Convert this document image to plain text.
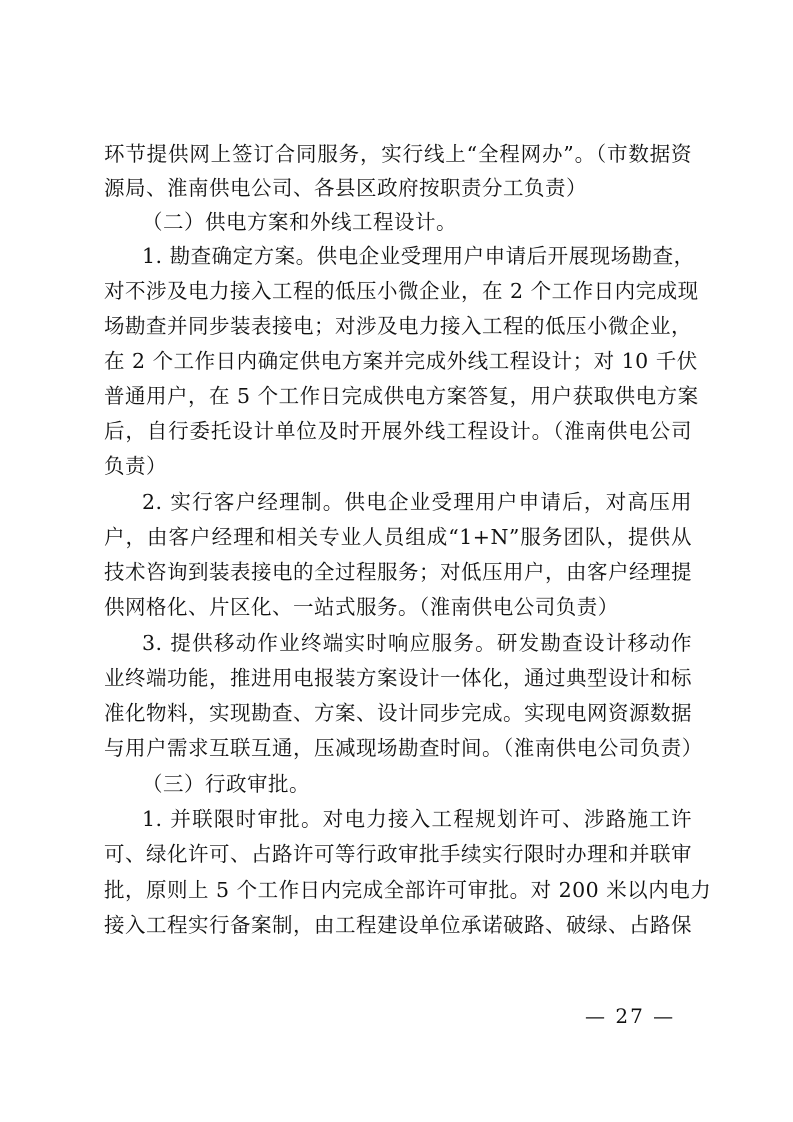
环节提供网上签订合同服务，实行线上“全程网办”。（市数据资
源局、淮南供电公司、各县区政府按职责分工负责）
（二）供电方案和外线工程设计。
1. 勘查确定方案。供电企业受理用户申请后开展现场勘查，
对不涉及电力接入工程的低压小微企业，在 2 个工作日内完成现
场勘查并同步装表接电；对涉及电力接入工程的低压小微企业，
在 2 个工作日内确定供电方案并完成外线工程设计；对 10 千伏
普通用户，在 5 个工作日完成供电方案答复，用户获取供电方案
后，自行委托设计单位及时开展外线工程设计。（淮南供电公司
负责）
2. 实行客户经理制。供电企业受理用户申请后，对高压用
户，由客户经理和相关专业人员组成“1+N”服务团队，提供从
技术咨询到装表接电的全过程服务；对低压用户，由客户经理提
供网格化、片区化、一站式服务。（淮南供电公司负责）
3. 提供移动作业终端实时响应服务。研发勘查设计移动作
业终端功能，推进用电报装方案设计一体化，通过典型设计和标
准化物料，实现勘查、方案、设计同步完成。实现电网资源数据
与用户需求互联互通，压减现场勘查时间。（淮南供电公司负责）
（三）行政审批。
1. 并联限时审批。对电力接入工程规划许可、涉路施工许
可、绿化许可、占路许可等行政审批手续实行限时办理和并联审
批，原则上 5 个工作日内完成全部许可审批。对 200 米以内电力
接入工程实行备案制，由工程建设单位承诺破路、破绿、占路保
— 27 —
